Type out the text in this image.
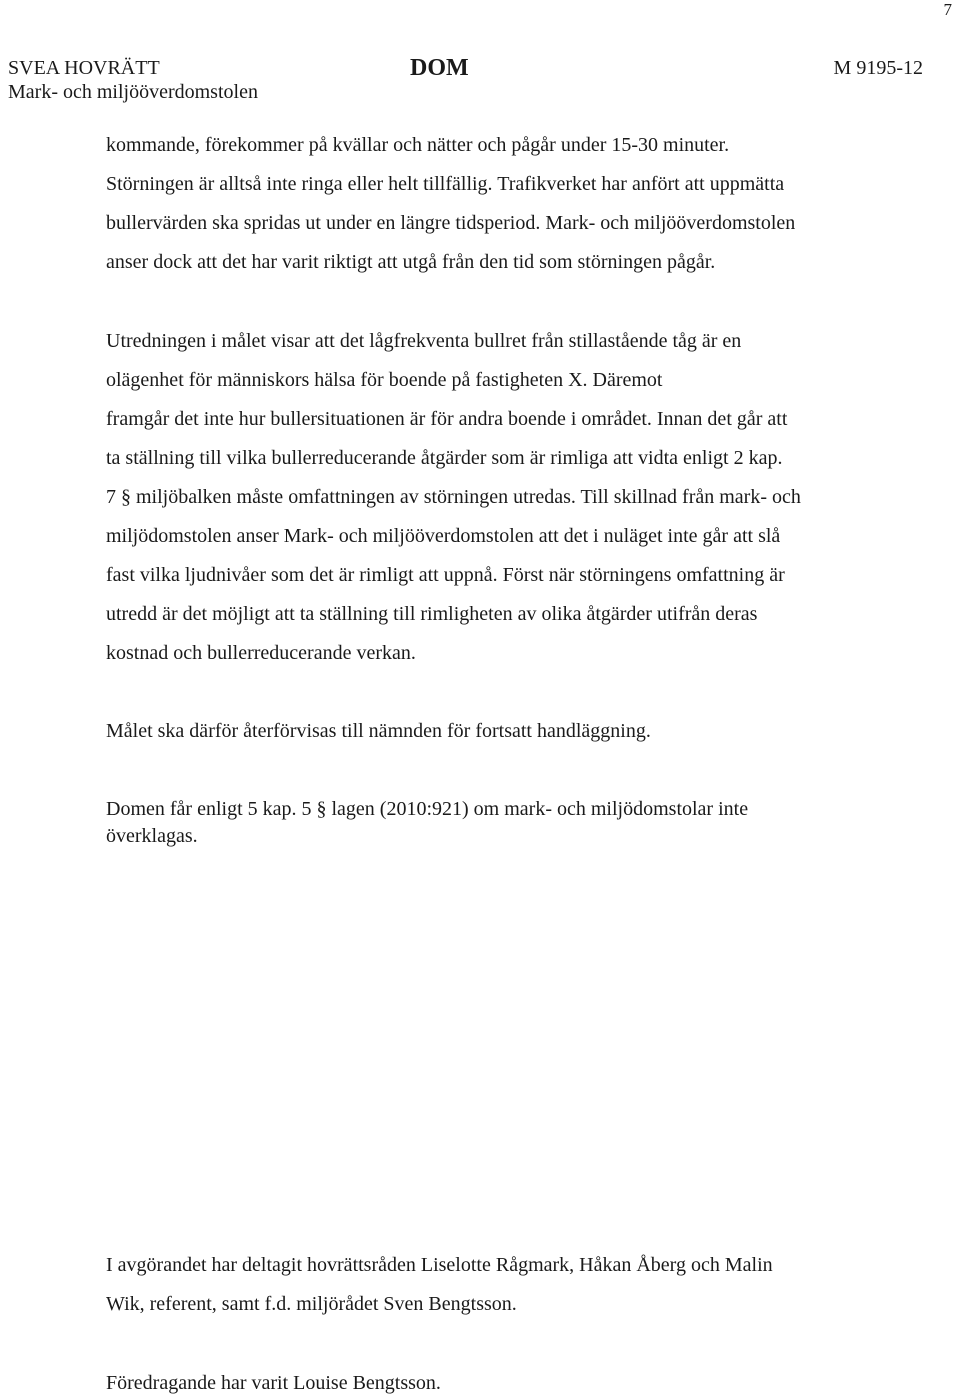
7
SVEA HOVRÄTT
Mark- och miljööverdomstolen
DOM	M 9195-12
kommande, förekommer på kvällar och nätter och pågår under 15-30 minuter.
Störningen är alltså inte ringa eller helt tillfällig. Trafikverket har anfört att uppmätta
bullervärden ska spridas ut under en längre tidsperiod. Mark- och miljööverdomstolen
anser dock att det har varit riktigt att utgå från den tid som störningen pågår.
Utredningen i målet visar att det lågfrekventa bullret från stillastående tåg är en
olägenhet för människors hälsa för boende på fastigheten X. Däremot
framgår det inte hur bullersituationen är för andra boende i området. Innan det går att
ta ställning till vilka bullerreducerande åtgärder som är rimliga att vidta enligt 2 kap.
7 § miljöbalken måste omfattningen av störningen utredas. Till skillnad från mark- och
miljödomstolen anser Mark- och miljööverdomstolen att det i nuläget inte går att slå
fast vilka ljudnivåer som det är rimligt att uppnå. Först när störningens omfattning är
utredd är det möjligt att ta ställning till rimligheten av olika åtgärder utifrån deras
kostnad och bullerreducerande verkan.
Målet ska därför återförvisas till nämnden för fortsatt handläggning.
Domen får enligt 5 kap. 5 § lagen (2010:921) om mark- och miljödomstolar inte
överklagas.
I avgörandet har deltagit hovrättsråden Liselotte Rågmark, Håkan Åberg och Malin
Wik, referent, samt f.d. miljörådet Sven Bengtsson.
Föredragande har varit Louise Bengtsson.
